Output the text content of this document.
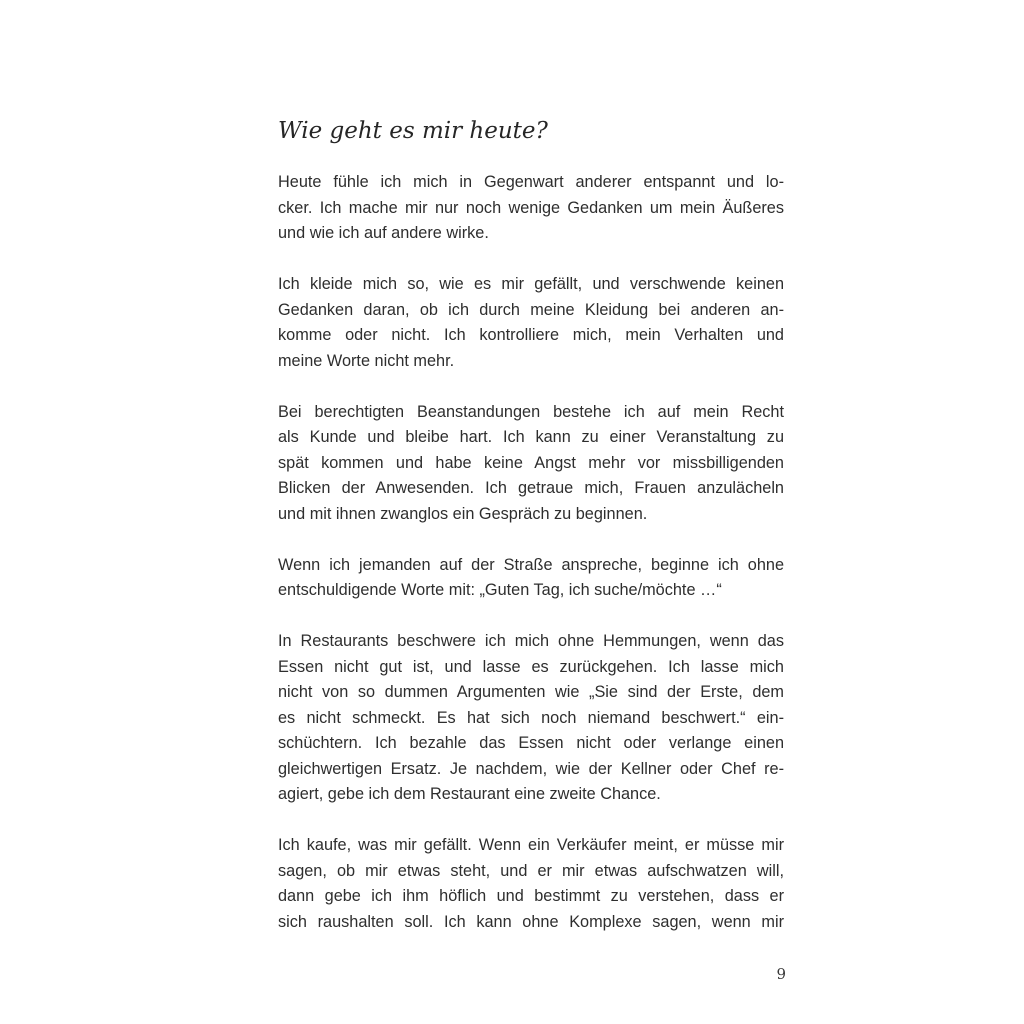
Wie geht es mir heute?

Heute fühle ich mich in Gegenwart anderer entspannt und lo-
cker. Ich mache mir nur noch wenige Gedanken um mein Äußeres
und wie ich auf andere wirke.

Ich kleide mich so, wie es mir gefällt, und verschwende keinen
Gedanken daran, ob ich durch meine Kleidung bei anderen an-
komme oder nicht. Ich kontrolliere mich, mein Verhalten und
meine Worte nicht mehr.

Bei berechtigten Beanstandungen bestehe ich auf mein Recht
als Kunde und bleibe hart. Ich kann zu einer Veranstaltung zu
spät kommen und habe keine Angst mehr vor missbilligenden
Blicken der Anwesenden. Ich getraue mich, Frauen anzulächeln
und mit ihnen zwanglos ein Gespräch zu beginnen.

Wenn ich jemanden auf der Straße anspreche, beginne ich ohne
entschuldigende Worte mit: „Guten Tag, ich suche/möchte …“

In Restaurants beschwere ich mich ohne Hemmungen, wenn das
Essen nicht gut ist, und lasse es zurückgehen. Ich lasse mich
nicht von so dummen Argumenten wie „Sie sind der Erste, dem
es nicht schmeckt. Es hat sich noch niemand beschwert.“ ein-
schüchtern. Ich bezahle das Essen nicht oder verlange einen
gleichwertigen Ersatz. Je nachdem, wie der Kellner oder Chef re-
agiert, gebe ich dem Restaurant eine zweite Chance.

Ich kaufe, was mir gefällt. Wenn ein Verkäufer meint, er müsse mir
sagen, ob mir etwas steht, und er mir etwas aufschwatzen will,
dann gebe ich ihm höflich und bestimmt zu verstehen, dass er
sich raushalten soll. Ich kann ohne Komplexe sagen, wenn mir

9
